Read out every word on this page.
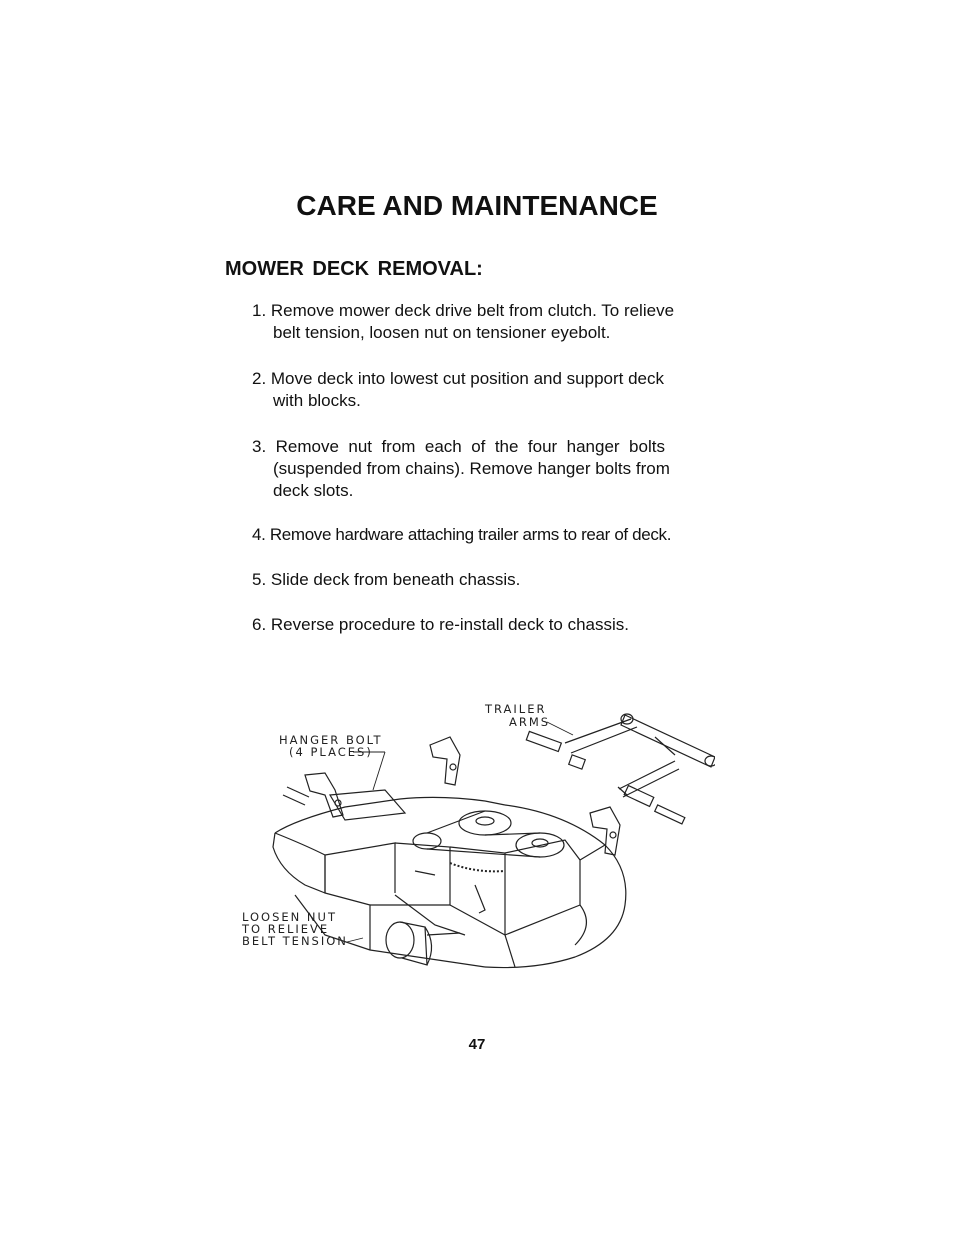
CARE AND MAINTENANCE
MOWER DECK REMOVAL:
1. Remove mower deck drive belt from clutch. To relieve
belt tension, loosen nut on tensioner eyebolt.
2. Move deck into lowest cut position and support deck
with blocks.
3.  Remove  nut  from  each  of  the  four  hanger  bolts
(suspended from chains). Remove hanger bolts from
deck slots.
4. Remove hardware attaching trailer arms to rear of deck.
5. Slide deck from beneath chassis.
6. Reverse procedure to re-install deck to chassis.
TRAILER
ARMS
HANGER BOLT
(4 PLACES)
LOOSEN NUT
TO RELIEVE
BELT TENSION
47
